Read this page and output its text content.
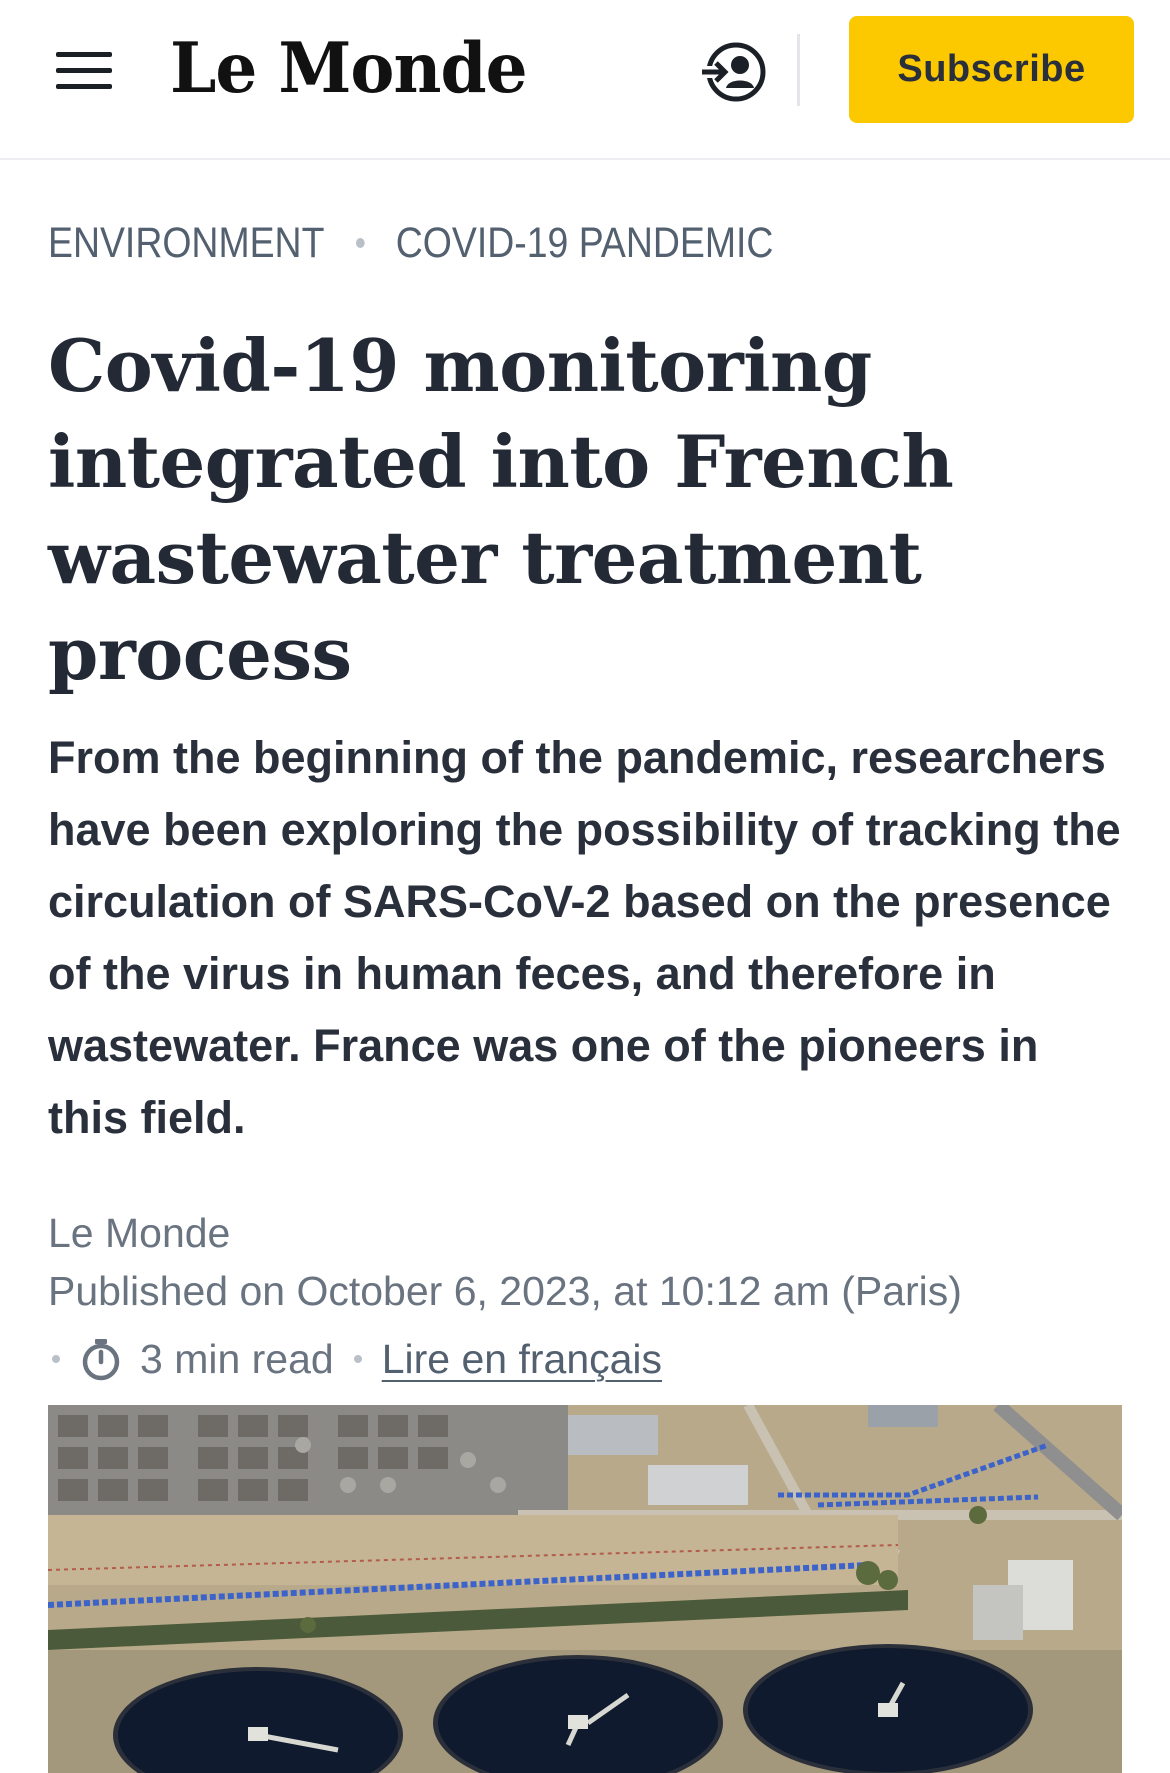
Le Monde	Subscribe
ENVIRONMENT COVID-19 PANDEMIC
Covid-19 monitoring integrated into French wastewater treatment process

From the beginning of the pandemic, researchers have been exploring the possibility of tracking the circulation of SARS-CoV-2 based on the presence of the virus in human feces, and therefore in wastewater. France was one of the pioneers in this field.

Le Monde
Published on October 6, 2023, at 10:12 am (Paris)
3 min read Lire en français
